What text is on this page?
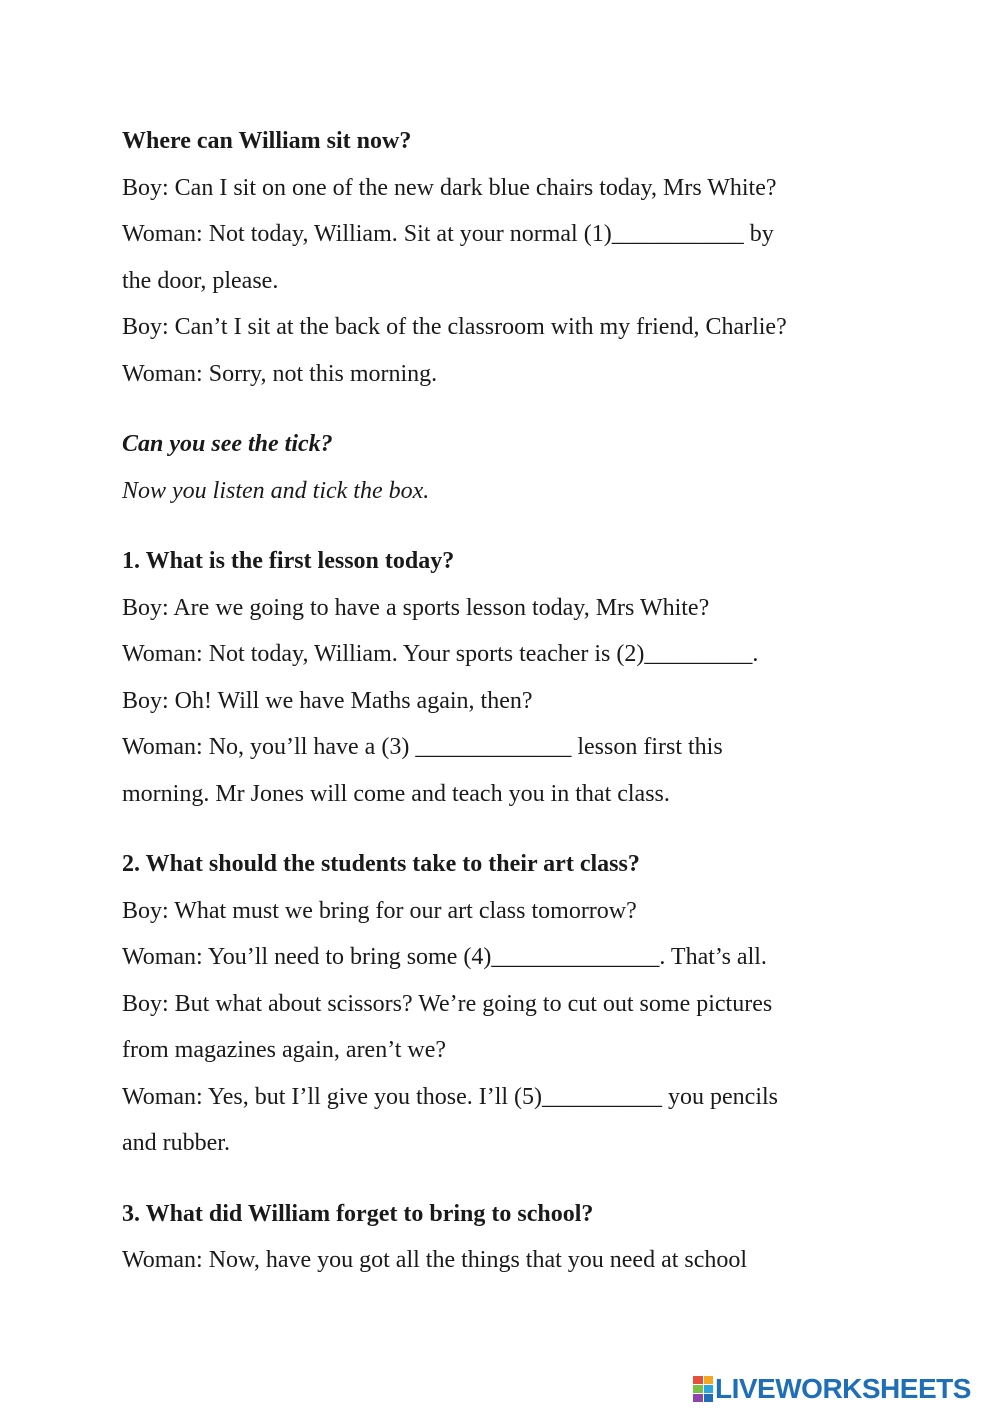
Where can William sit now?
Boy: Can I sit on one of the new dark blue chairs today, Mrs White?
Woman: Not today, William. Sit at your normal (1)___________ by
the door, please.
Boy: Can’t I sit at the back of the classroom with my friend, Charlie?
Woman: Sorry, not this morning.
Can you see the tick?
Now you listen and tick the box.
1. What is the first lesson today?
Boy: Are we going to have a sports lesson today, Mrs White?
Woman: Not today, William. Your sports teacher is (2)_________.
Boy: Oh! Will we have Maths again, then?
Woman: No, you’ll have a (3) _____________ lesson first this
morning. Mr Jones will come and teach you in that class.
2. What should the students take to their art class?
Boy: What must we bring for our art class tomorrow?
Woman: You’ll need to bring some (4)______________. That’s all.
Boy: But what about scissors? We’re going to cut out some pictures
from magazines again, aren’t we?
Woman: Yes, but I’ll give you those. I’ll (5)__________ you pencils
and rubber.
3. What did William forget to bring to school?
Woman: Now, have you got all the things that you need at school
LIVEWORKSHEETS
